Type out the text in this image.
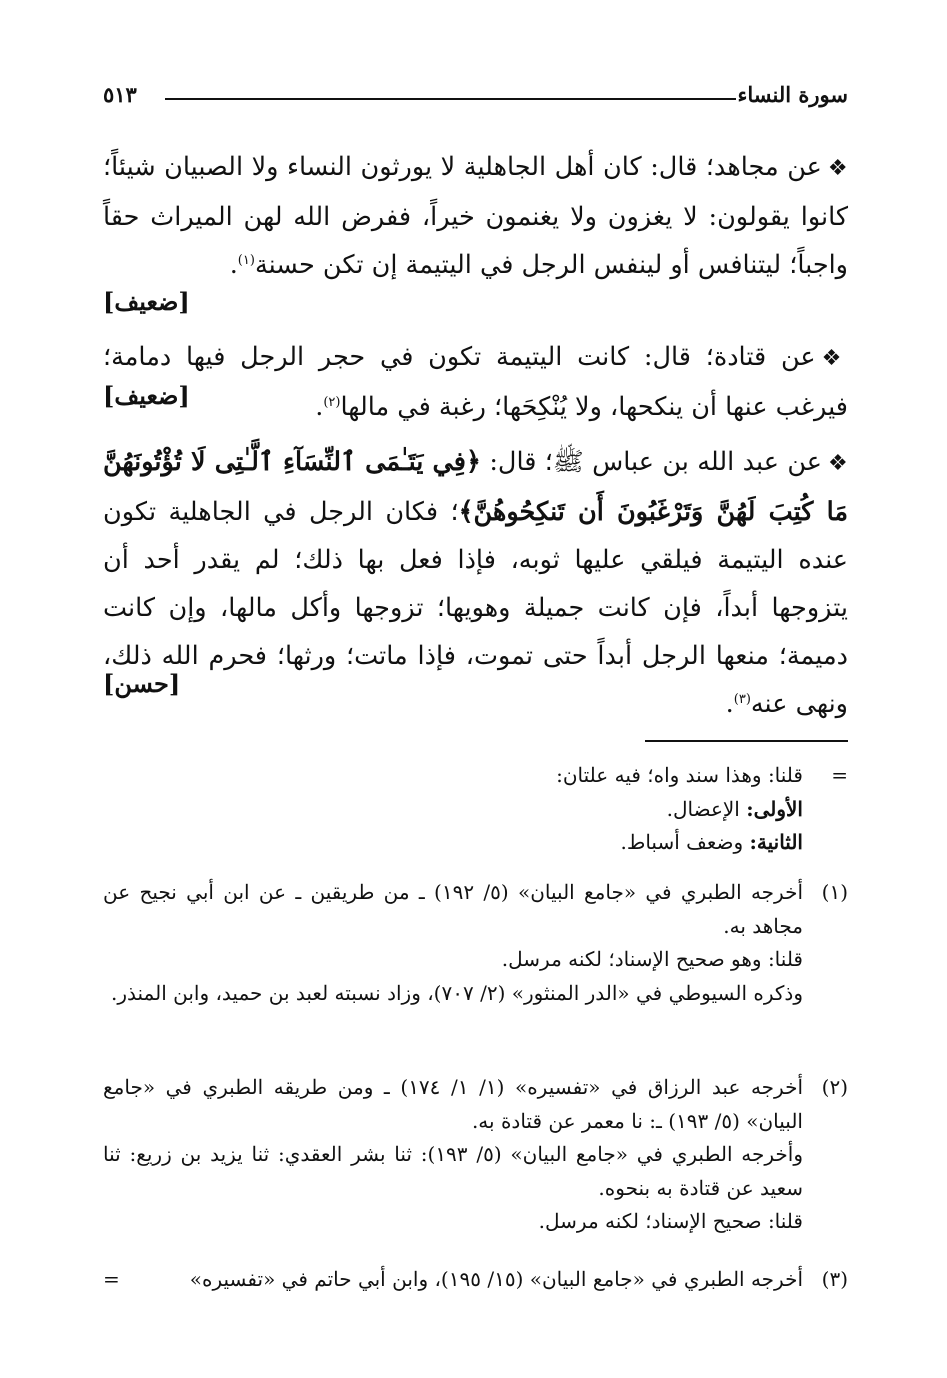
سورة النساء
٥١٣
❖عن مجاهد؛ قال: كان أهل الجاهلية لا يورثون النساء ولا الصبيان شيئاً؛ كانوا يقولون: لا يغزون ولا يغنمون خيراً، ففرض الله لهن الميراث حقاً واجباً؛ ليتنافس أو لينفس الرجل في اليتيمة إن تكن حسنة$^{(١)}$.
[ضعيف]
❖عن قتادة؛ قال: كانت اليتيمة تكون في حجر الرجل فيها دمامة؛ فيرغب عنها أن ينكحها، ولا يُنْكِحَها؛ رغبة في مالها$^{(٢)}$.
[ضعيف]
❖عن عبد الله بن عباس ﷺ؛ قال: ﴿فِي يَتَـٰمَى ٱلنِّسَآءِ ٱلَّـٰتِى لَا تُؤْتُونَهُنَّ مَا كُتِبَ لَهُنَّ وَتَرْغَبُونَ أَن تَنكِحُوهُنَّ﴾؛ فكان الرجل في الجاهلية تكون عنده اليتيمة فيلقي عليها ثوبه، فإذا فعل بها ذلك؛ لم يقدر أحد أن يتزوجها أبداً، فإن كانت جميلة وهويها؛ تزوجها وأكل مالها، وإن كانت دميمة؛ منعها الرجل أبداً حتى تموت، فإذا ماتت؛ ورثها؛ فحرم الله ذلك، ونهى عنه$^{(٣)}$.
[حسن]
=
قلنا: وهذا سند واه؛ فيه علتان:
الأولى: الإعضال.
الثانية: وضعف أسباط.
(١)
أخرجه الطبري في «جامع البيان» (٥/ ١٩٢) ـ من طريقين ـ عن ابن أبي نجيح عن مجاهد به.
قلنا: وهو صحيح الإسناد؛ لكنه مرسل.
وذكره السيوطي في «الدر المنثور» (٢/ ٧٠٧)، وزاد نسبته لعبد بن حميد، وابن المنذر.
(٢)
أخرجه عبد الرزاق في «تفسيره» (١/ ١/ ١٧٤) ـ ومن طريقه الطبري في «جامع البيان» (٥/ ١٩٣) ـ: نا معمر عن قتادة به.
وأخرجه الطبري في «جامع البيان» (٥/ ١٩٣): ثنا بشر العقدي: ثنا يزيد بن زريع: ثنا سعيد عن قتادة به بنحوه.
قلنا: صحيح الإسناد؛ لكنه مرسل.
(٣)
أخرجه الطبري في «جامع البيان» (١٥/ ١٩٥)، وابن أبي حاتم في «تفسيره»
=
